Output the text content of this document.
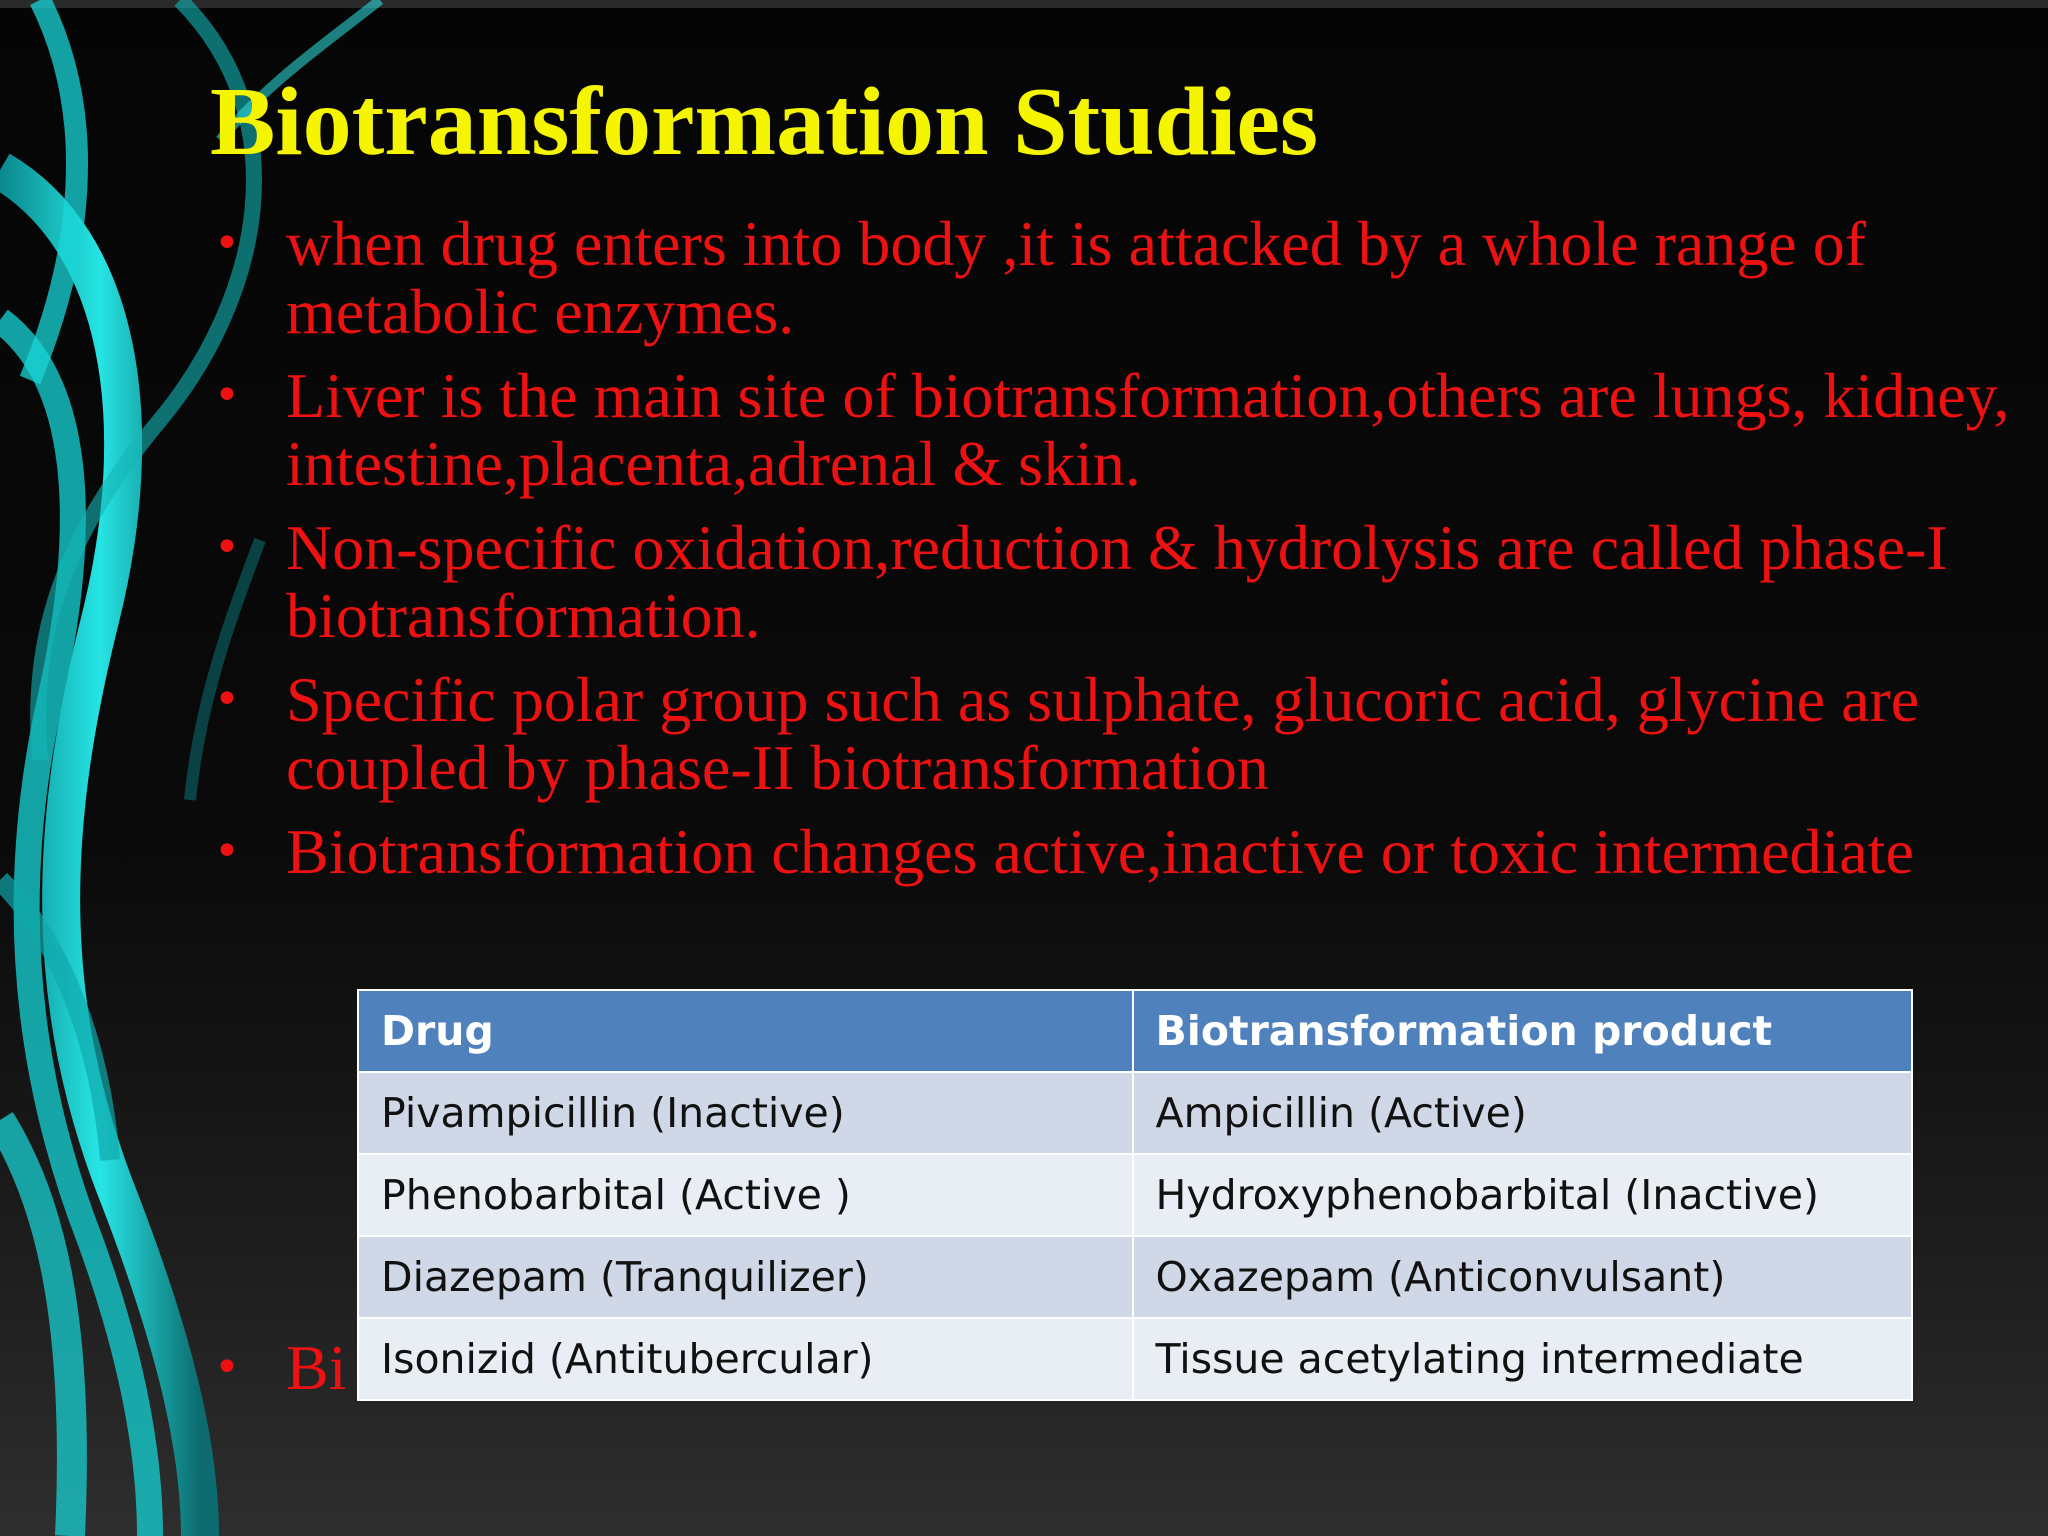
Biotransformation Studies
• when drug enters into body ,it is attacked by a whole range of metabolic enzymes.
• Liver is the main site of biotransformation,others are lungs, kidney, intestine,placenta,adrenal & skin.
• Non-specific oxidation,reduction & hydrolysis are called phase-I biotransformation.
• Specific polar group such as sulphate, glucoric acid, glycine are coupled by phase-II biotransformation
• Biotransformation changes active,inactive or toxic intermediate
• Bi
Drug	Biotransformation product
Pivampicillin (Inactive)	Ampicillin (Active)
Phenobarbital (Active )	Hydroxyphenobarbital (Inactive)
Diazepam (Tranquilizer)	Oxazepam (Anticonvulsant)
Isonizid (Antitubercular)	Tissue acetylating intermediate
